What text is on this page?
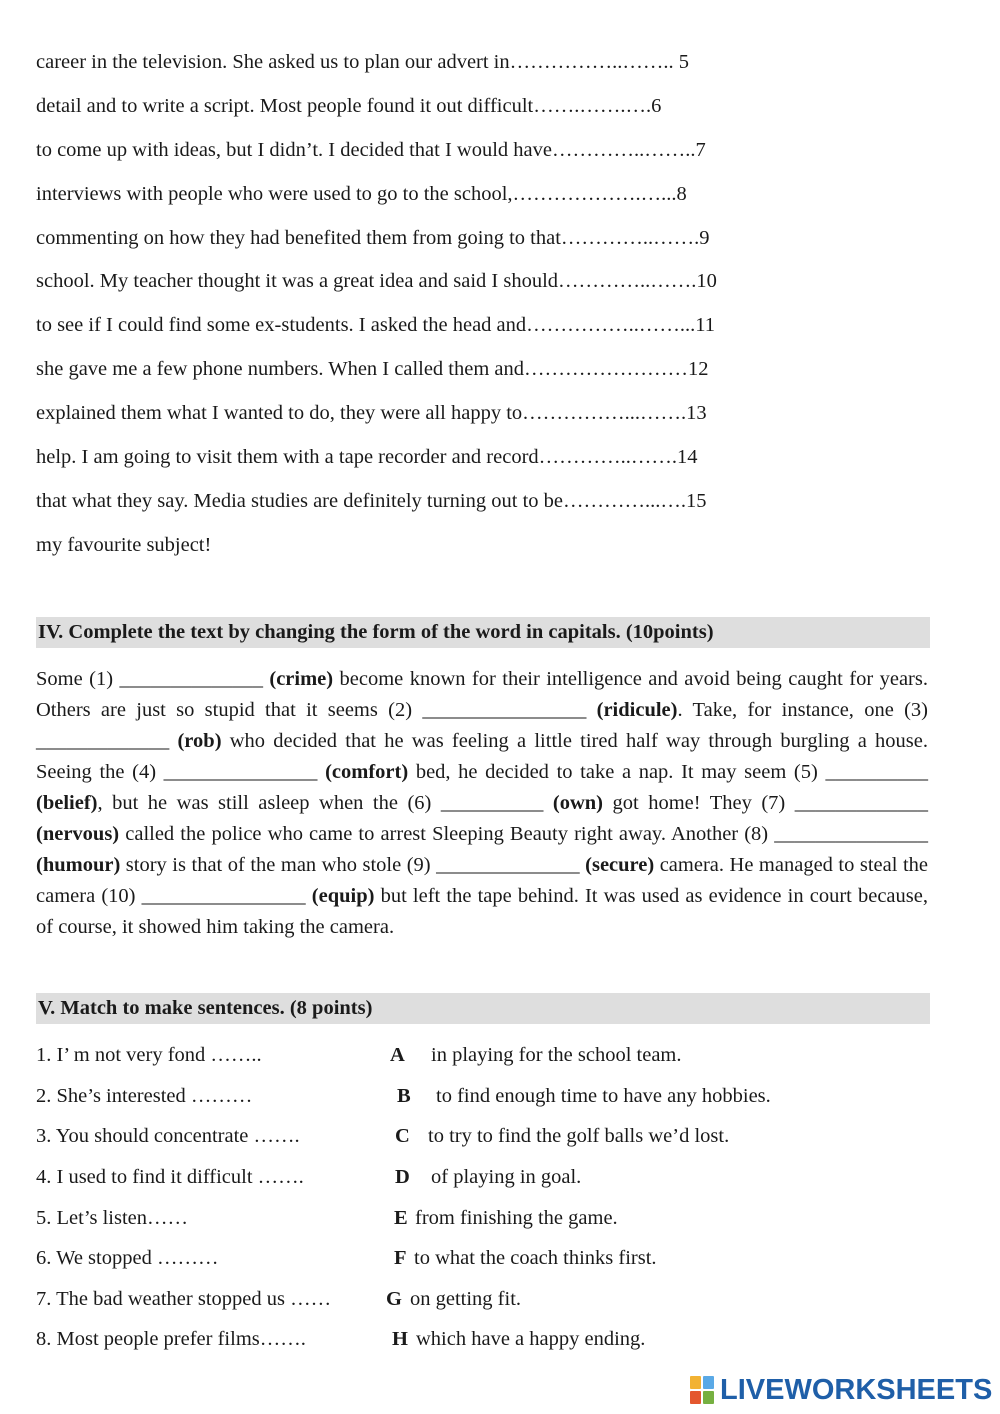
career in the television. She asked us to plan our advert in……………..…….. 5
detail and to write a script. Most people found it out difficult…….…….….6
to come up with ideas, but I didn’t. I decided that I would have…………..……..7
interviews with people who were used to go to the school,……………….…...8
commenting on how they had benefited them from going to that…………..…….9
school. My teacher thought it was a great idea and said I should…………..…….10
to see if I could find some ex-students. I asked the head and……………..……...11
she gave me a few phone numbers. When I called them and……………………12
explained them what I wanted to do, they were all happy to……………...…….13
help. I am going to visit them with a tape recorder and record…………..…….14
that what they say. Media studies are definitely turning out to be…………...….15
my favourite subject!
IV. Complete the text by changing the form of the word in capitals. (10points)
Some (1) ______________ (crime) become known for their intelligence and avoid being caught for years. Others are just so stupid that it seems (2) ________________ (ridicule). Take, for instance, one (3) _____________ (rob) who decided that he was feeling a little tired half way through burgling a house. Seeing the (4) _______________ (comfort) bed, he decided to take a nap. It may seem (5) __________ (belief), but he was still asleep when the (6) __________ (own) got home! They (7) _____________ (nervous) called the police who came to arrest Sleeping Beauty right away. Another (8) _______________ (humour) story is that of the man who stole (9) ______________ (secure) camera. He managed to steal the camera (10) ________________ (equip) but left the tape behind. It was used as evidence in court because, of course, it showed him taking the camera.
V. Match to make sentences. (8 points)
1. I’ m not very fond ……..	A in playing for the school team.
2. She’s interested ………	B to find enough time to have any hobbies.
3. You should concentrate …….	C to try to find the golf balls we’d lost.
4. I used to find it difficult …….	D of playing in goal.
5. Let’s listen……	E from finishing the game.
6. We stopped ………	F to what the coach thinks first.
7. The bad weather stopped us ……	G on getting fit.
8. Most people prefer films…….	H which have a happy ending.
LIVEWORKSHEETS
